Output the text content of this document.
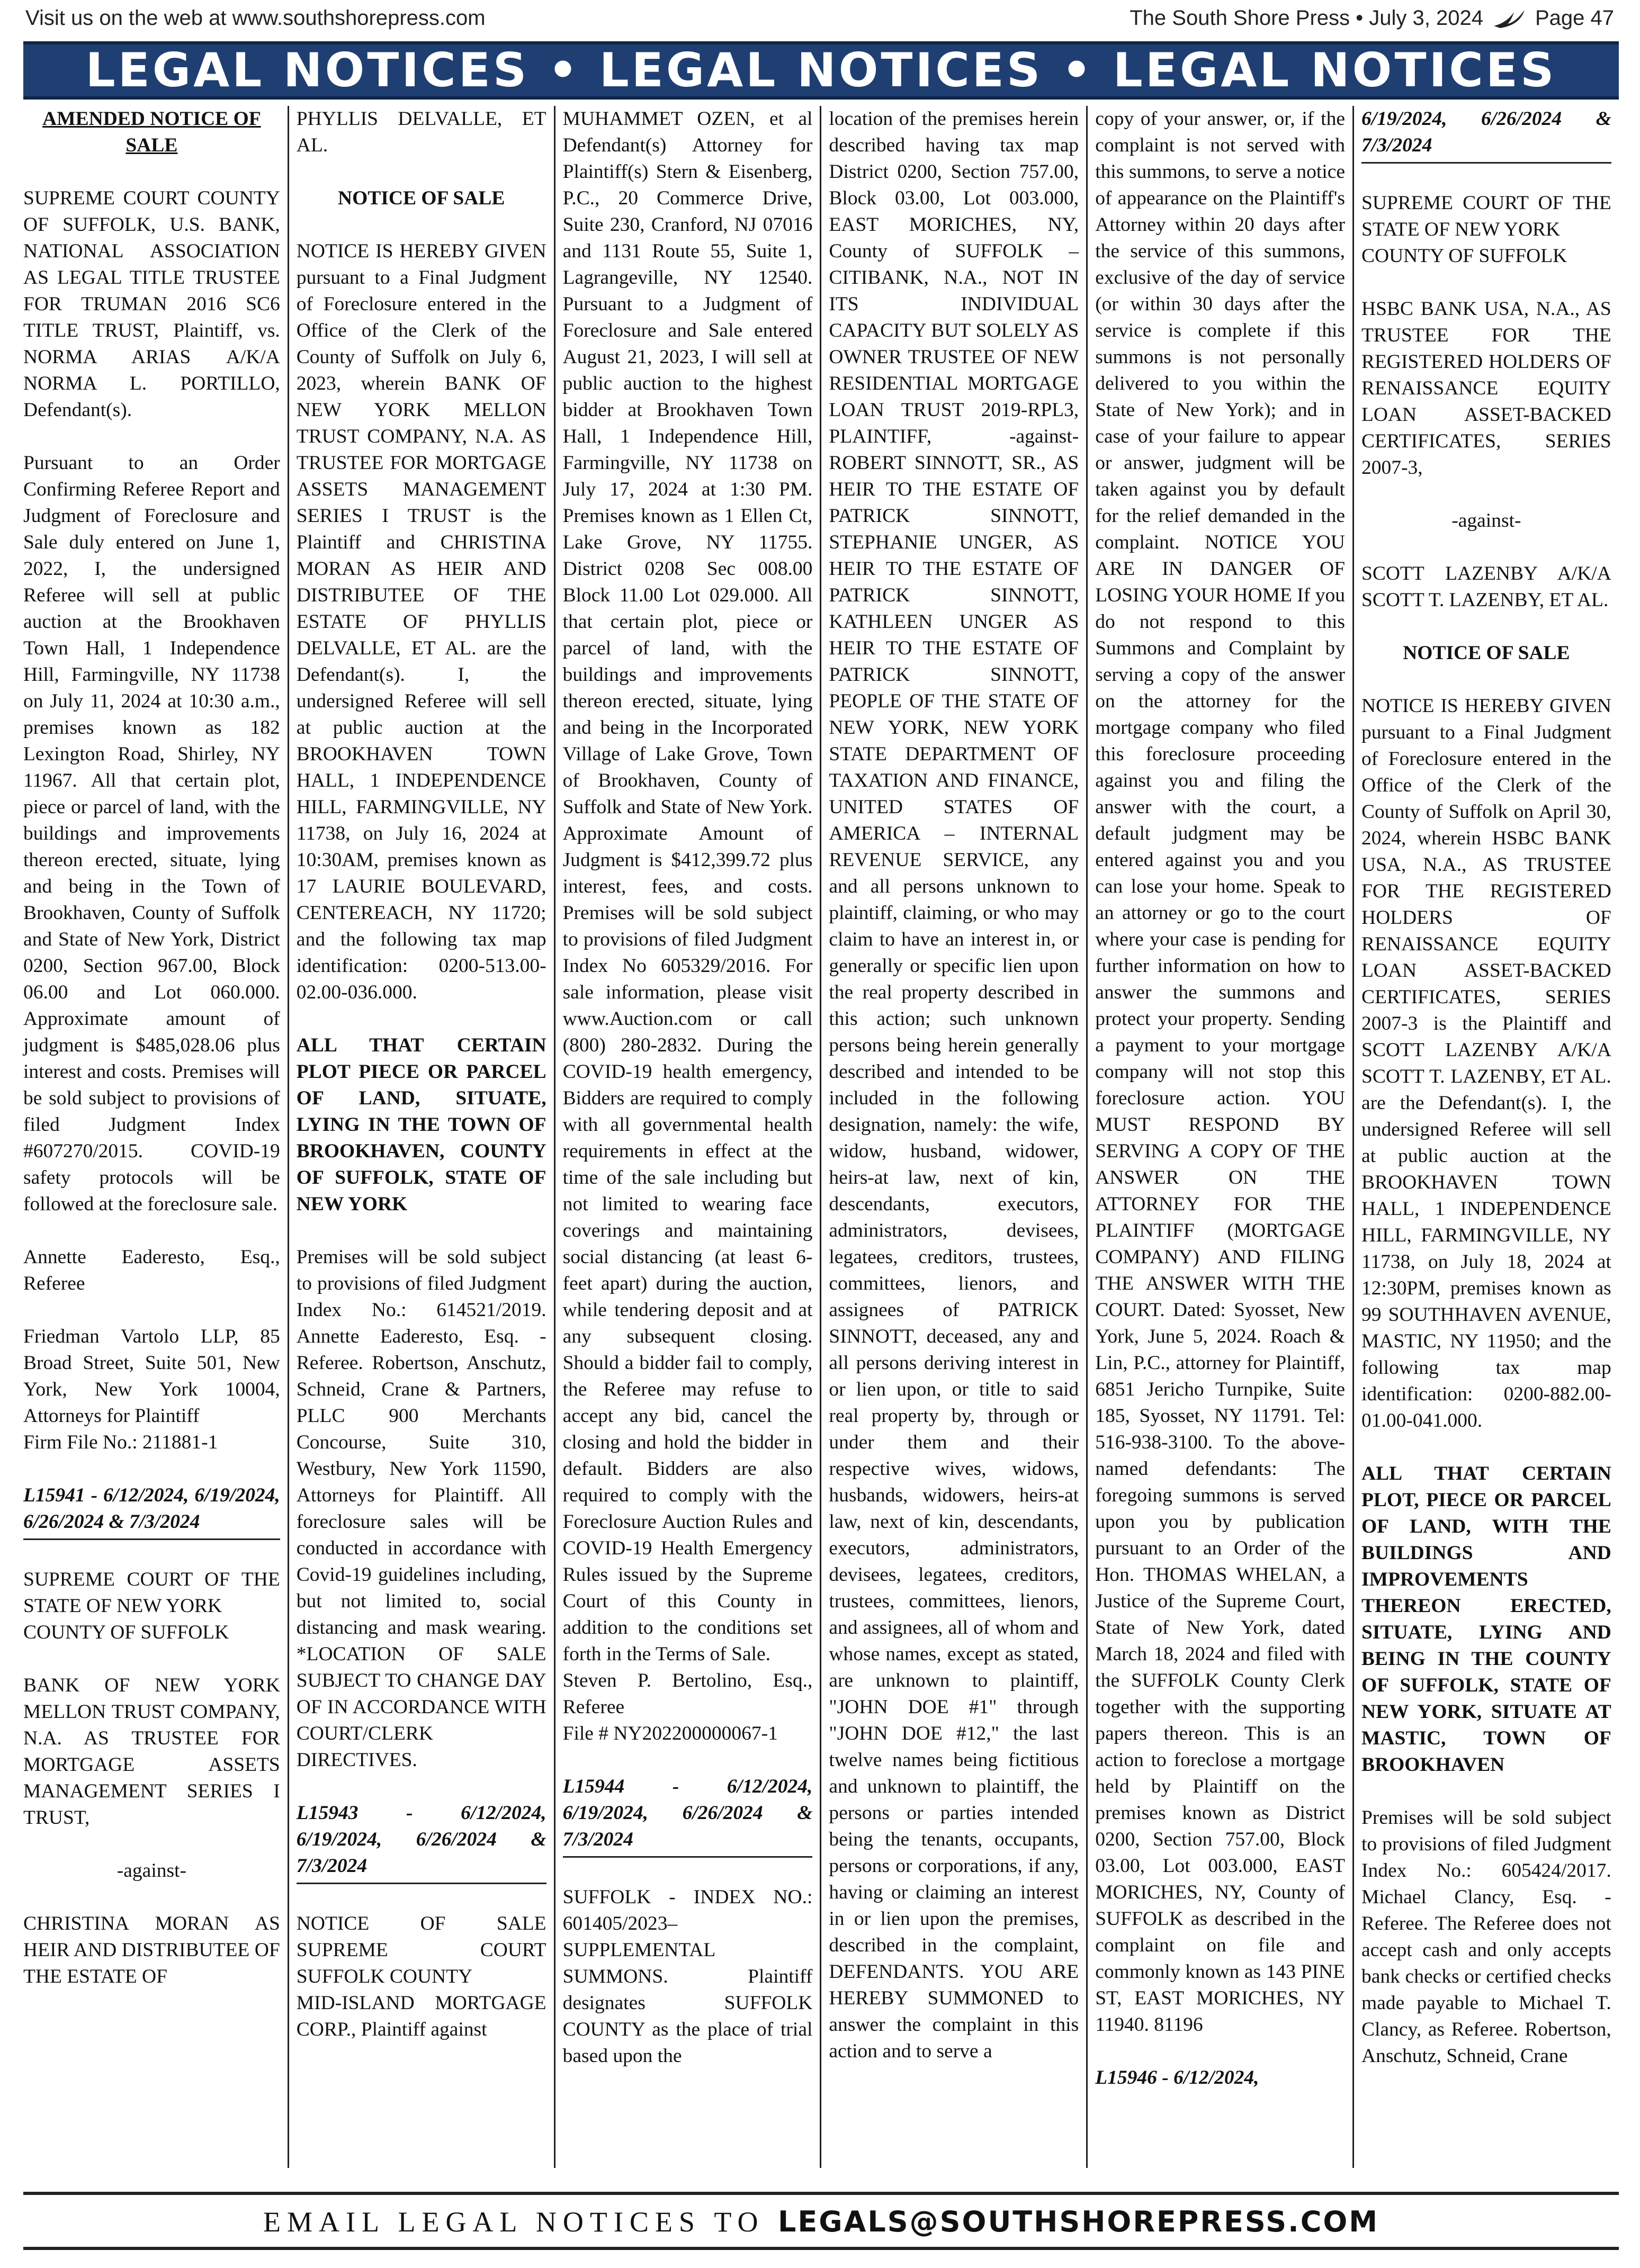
Visit us on the web at www.southshorepress.com	The South Shore Press • July 3, 2024 Page 47
LEGAL NOTICES • LEGAL NOTICES • LEGAL NOTICES

AMENDED NOTICE OF SALE

SUPREME COURT COUNTY OF SUFFOLK, U.S. BANK, NATIONAL ASSOCIATION AS LEGAL TITLE TRUSTEE FOR TRUMAN 2016 SC6 TITLE TRUST, Plaintiff, vs. NORMA ARIAS A/K/A NORMA L. PORTILLO, Defendant(s).

Pursuant to an Order Confirming Referee Report and Judgment of Foreclosure and Sale duly entered on June 1, 2022, I, the undersigned Referee will sell at public auction at the Brookhaven Town Hall, 1 Independence Hill, Farmingville, NY 11738 on July 11, 2024 at 10:30 a.m., premises known as 182 Lexington Road, Shirley, NY 11967. All that certain plot, piece or parcel of land, with the buildings and improvements thereon erected, situate, lying and being in the Town of Brookhaven, County of Suffolk and State of New York, District 0200, Section 967.00, Block 06.00 and Lot 060.000. Approximate amount of judgment is $485,028.06 plus interest and costs. Premises will be sold subject to provisions of filed Judgment Index #607270/2015. COVID-19 safety protocols will be followed at the foreclosure sale.

Annette Eaderesto, Esq., Referee

Friedman Vartolo LLP, 85 Broad Street, Suite 501, New York, New York 10004, Attorneys for Plaintiff
Firm File No.: 211881-1

L15941 - 6/12/2024, 6/19/2024, 6/26/2024 & 7/3/2024

SUPREME COURT OF THE STATE OF NEW YORK
COUNTY OF SUFFOLK

BANK OF NEW YORK MELLON TRUST COMPANY, N.A. AS TRUSTEE FOR MORTGAGE ASSETS MANAGEMENT SERIES I TRUST,

-against-

CHRISTINA MORAN AS HEIR AND DISTRIBUTEE OF THE ESTATE OF

PHYLLIS DELVALLE, ET AL.

NOTICE OF SALE

NOTICE IS HEREBY GIVEN pursuant to a Final Judgment of Foreclosure entered in the Office of the Clerk of the County of Suffolk on July 6, 2023, wherein BANK OF NEW YORK MELLON TRUST COMPANY, N.A. AS TRUSTEE FOR MORTGAGE ASSETS MANAGEMENT SERIES I TRUST is the Plaintiff and CHRISTINA MORAN AS HEIR AND DISTRIBUTEE OF THE ESTATE OF PHYLLIS DELVALLE, ET AL. are the Defendant(s). I, the undersigned Referee will sell at public auction at the BROOKHAVEN TOWN HALL, 1 INDEPENDENCE HILL, FARMINGVILLE, NY 11738, on July 16, 2024 at 10:30AM, premises known as 17 LAURIE BOULEVARD, CENTEREACH, NY 11720; and the following tax map identification: 0200-513.00-02.00-036.000.

ALL THAT CERTAIN PLOT PIECE OR PARCEL OF LAND, SITUATE, LYING IN THE TOWN OF BROOKHAVEN, COUNTY OF SUFFOLK, STATE OF NEW YORK

Premises will be sold subject to provisions of filed Judgment Index No.: 614521/2019. Annette Eaderesto, Esq. - Referee. Robertson, Anschutz, Schneid, Crane & Partners, PLLC 900 Merchants Concourse, Suite 310, Westbury, New York 11590, Attorneys for Plaintiff. All foreclosure sales will be conducted in accordance with Covid-19 guidelines including, but not limited to, social distancing and mask wearing. *LOCATION OF SALE SUBJECT TO CHANGE DAY OF IN ACCORDANCE WITH COURT/CLERK DIRECTIVES.

L15943 - 6/12/2024, 6/19/2024, 6/26/2024 & 7/3/2024

NOTICE OF SALE SUPREME COURT SUFFOLK COUNTY
MID-ISLAND MORTGAGE CORP., Plaintiff against

MUHAMMET OZEN, et al Defendant(s) Attorney for Plaintiff(s) Stern & Eisenberg, P.C., 20 Commerce Drive, Suite 230, Cranford, NJ 07016 and 1131 Route 55, Suite 1, Lagrangeville, NY 12540. Pursuant to a Judgment of Foreclosure and Sale entered August 21, 2023, I will sell at public auction to the highest bidder at Brookhaven Town Hall, 1 Independence Hill, Farmingville, NY 11738 on July 17, 2024 at 1:30 PM. Premises known as 1 Ellen Ct, Lake Grove, NY 11755. District 0208 Sec 008.00 Block 11.00 Lot 029.000. All that certain plot, piece or parcel of land, with the buildings and improvements thereon erected, situate, lying and being in the Incorporated Village of Lake Grove, Town of Brookhaven, County of Suffolk and State of New York. Approximate Amount of Judgment is $412,399.72 plus interest, fees, and costs. Premises will be sold subject to provisions of filed Judgment Index No 605329/2016. For sale information, please visit www.Auction.com or call (800) 280-2832. During the COVID-19 health emergency, Bidders are required to comply with all governmental health requirements in effect at the time of the sale including but not limited to wearing face coverings and maintaining social distancing (at least 6-feet apart) during the auction, while tendering deposit and at any subsequent closing. Should a bidder fail to comply, the Referee may refuse to accept any bid, cancel the closing and hold the bidder in default. Bidders are also required to comply with the Foreclosure Auction Rules and COVID-19 Health Emergency Rules issued by the Supreme Court of this County in addition to the conditions set forth in the Terms of Sale.
Steven P. Bertolino, Esq., Referee
File # NY202200000067-1

L15944 - 6/12/2024, 6/19/2024, 6/26/2024 & 7/3/2024

SUFFOLK - INDEX NO.: 601405/2023– SUPPLEMENTAL SUMMONS. Plaintiff designates SUFFOLK COUNTY as the place of trial based upon the

location of the premises herein described having tax map District 0200, Section 757.00, Block 03.00, Lot 003.000, EAST MORICHES, NY, County of SUFFOLK – CITIBANK, N.A., NOT IN ITS INDIVIDUAL CAPACITY BUT SOLELY AS OWNER TRUSTEE OF NEW RESIDENTIAL MORTGAGE LOAN TRUST 2019-RPL3, PLAINTIFF, -against- ROBERT SINNOTT, SR., AS HEIR TO THE ESTATE OF PATRICK SINNOTT, STEPHANIE UNGER, AS HEIR TO THE ESTATE OF PATRICK SINNOTT, KATHLEEN UNGER AS HEIR TO THE ESTATE OF PATRICK SINNOTT, PEOPLE OF THE STATE OF NEW YORK, NEW YORK STATE DEPARTMENT OF TAXATION AND FINANCE, UNITED STATES OF AMERICA – INTERNAL REVENUE SERVICE, any and all persons unknown to plaintiff, claiming, or who may claim to have an interest in, or generally or specific lien upon the real property described in this action; such unknown persons being herein generally described and intended to be included in the following designation, namely: the wife, widow, husband, widower, heirs-at law, next of kin, descendants, executors, administrators, devisees, legatees, creditors, trustees, committees, lienors, and assignees of PATRICK SINNOTT, deceased, any and all persons deriving interest in or lien upon, or title to said real property by, through or under them and their respective wives, widows, husbands, widowers, heirs-at law, next of kin, descendants, executors, administrators, devisees, legatees, creditors, trustees, committees, lienors, and assignees, all of whom and whose names, except as stated, are unknown to plaintiff, "JOHN DOE #1" through "JOHN DOE #12," the last twelve names being fictitious and unknown to plaintiff, the persons or parties intended being the tenants, occupants, persons or corporations, if any, having or claiming an interest in or lien upon the premises, described in the complaint, DEFENDANTS. YOU ARE HEREBY SUMMONED to answer the complaint in this action and to serve a

copy of your answer, or, if the complaint is not served with this summons, to serve a notice of appearance on the Plaintiff's Attorney within 20 days after the service of this summons, exclusive of the day of service (or within 30 days after the service is complete if this summons is not personally delivered to you within the State of New York); and in case of your failure to appear or answer, judgment will be taken against you by default for the relief demanded in the complaint. NOTICE YOU ARE IN DANGER OF LOSING YOUR HOME If you do not respond to this Summons and Complaint by serving a copy of the answer on the attorney for the mortgage company who filed this foreclosure proceeding against you and filing the answer with the court, a default judgment may be entered against you and you can lose your home. Speak to an attorney or go to the court where your case is pending for further information on how to answer the summons and protect your property. Sending a payment to your mortgage company will not stop this foreclosure action. YOU MUST RESPOND BY SERVING A COPY OF THE ANSWER ON THE ATTORNEY FOR THE PLAINTIFF (MORTGAGE COMPANY) AND FILING THE ANSWER WITH THE COURT. Dated: Syosset, New York, June 5, 2024. Roach & Lin, P.C., attorney for Plaintiff, 6851 Jericho Turnpike, Suite 185, Syosset, NY 11791. Tel: 516-938-3100. To the above-named defendants: The foregoing summons is served upon you by publication pursuant to an Order of the Hon. THOMAS WHELAN, a Justice of the Supreme Court, State of New York, dated March 18, 2024 and filed with the SUFFOLK County Clerk together with the supporting papers thereon. This is an action to foreclose a mortgage held by Plaintiff on the premises known as District 0200, Section 757.00, Block 03.00, Lot 003.000, EAST MORICHES, NY, County of SUFFOLK as described in the complaint on file and commonly known as 143 PINE ST, EAST MORICHES, NY 11940. 81196

L15946 - 6/12/2024,

6/19/2024, 6/26/2024 & 7/3/2024

SUPREME COURT OF THE STATE OF NEW YORK
COUNTY OF SUFFOLK

HSBC BANK USA, N.A., AS TRUSTEE FOR THE REGISTERED HOLDERS OF RENAISSANCE EQUITY LOAN ASSET-BACKED CERTIFICATES, SERIES 2007-3,

-against-

SCOTT LAZENBY A/K/A SCOTT T. LAZENBY, ET AL.

NOTICE OF SALE

NOTICE IS HEREBY GIVEN pursuant to a Final Judgment of Foreclosure entered in the Office of the Clerk of the County of Suffolk on April 30, 2024, wherein HSBC BANK USA, N.A., AS TRUSTEE FOR THE REGISTERED HOLDERS OF RENAISSANCE EQUITY LOAN ASSET-BACKED CERTIFICATES, SERIES 2007-3 is the Plaintiff and SCOTT LAZENBY A/K/A SCOTT T. LAZENBY, ET AL. are the Defendant(s). I, the undersigned Referee will sell at public auction at the BROOKHAVEN TOWN HALL, 1 INDEPENDENCE HILL, FARMINGVILLE, NY 11738, on July 18, 2024 at 12:30PM, premises known as 99 SOUTHHAVEN AVENUE, MASTIC, NY 11950; and the following tax map identification: 0200-882.00-01.00-041.000.

ALL THAT CERTAIN PLOT, PIECE OR PARCEL OF LAND, WITH THE BUILDINGS AND IMPROVEMENTS THEREON ERECTED, SITUATE, LYING AND BEING IN THE COUNTY OF SUFFOLK, STATE OF NEW YORK, SITUATE AT MASTIC, TOWN OF BROOKHAVEN

Premises will be sold subject to provisions of filed Judgment Index No.: 605424/2017. Michael Clancy, Esq. - Referee. The Referee does not accept cash and only accepts bank checks or certified checks made payable to Michael T. Clancy, as Referee. Robertson, Anschutz, Schneid, Crane

EMAIL LEGAL NOTICES TO LEGALS@SOUTHSHOREPRESS.COM
